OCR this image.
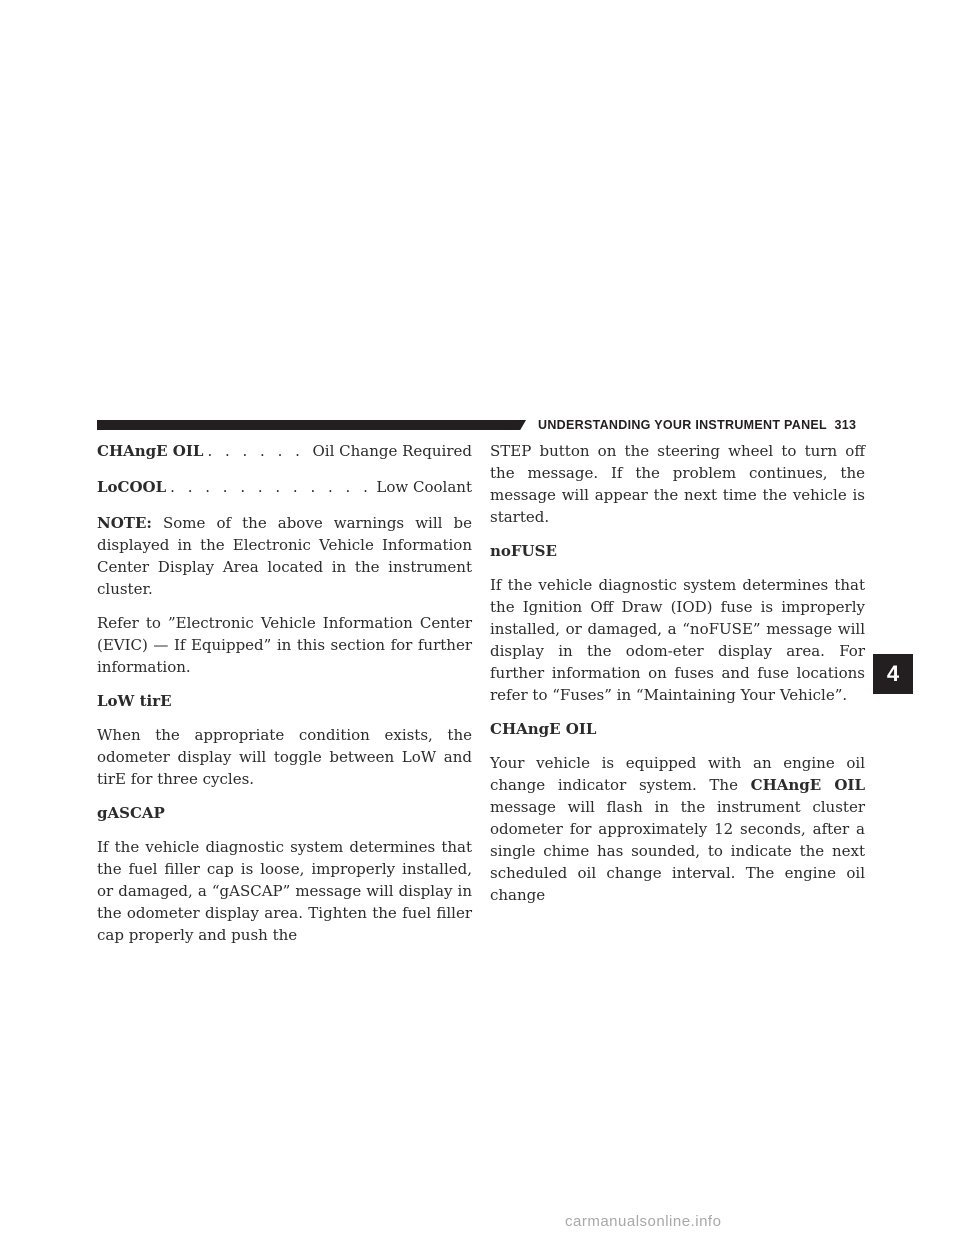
UNDERSTANDING YOUR INSTRUMENT PANEL 313
CHAngE OIL . . .	Oil Change Required
LoCOOL . . .	Low Coolant

NOTE: Some of the above warnings will be displayed in the Electronic Vehicle Information Center Display Area located in the instrument cluster.

Refer to ”Electronic Vehicle Information Center (EVIC) — If Equipped” in this section for further information.

LoW tirE

When the appropriate condition exists, the odometer display will toggle between LoW and tirE for three cycles.

gASCAP

If the vehicle diagnostic system determines that the fuel filler cap is loose, improperly installed, or damaged, a “gASCAP” message will display in the odometer display area. Tighten the fuel filler cap properly and push the

STEP button on the steering wheel to turn off the message. If the problem continues, the message will appear the next time the vehicle is started.

noFUSE

If the vehicle diagnostic system determines that the Ignition Off Draw (IOD) fuse is improperly installed, or damaged, a “noFUSE” message will display in the odom-eter display area. For further information on fuses and fuse locations refer to “Fuses” in “Maintaining Your Vehicle”.

CHAngE OIL

Your vehicle is equipped with an engine oil change indicator system. The CHAngE OIL message will flash in the instrument cluster odometer for approximately 12 seconds, after a single chime has sounded, to indicate the next scheduled oil change interval. The engine oil change

4
carmanualsonline.info
